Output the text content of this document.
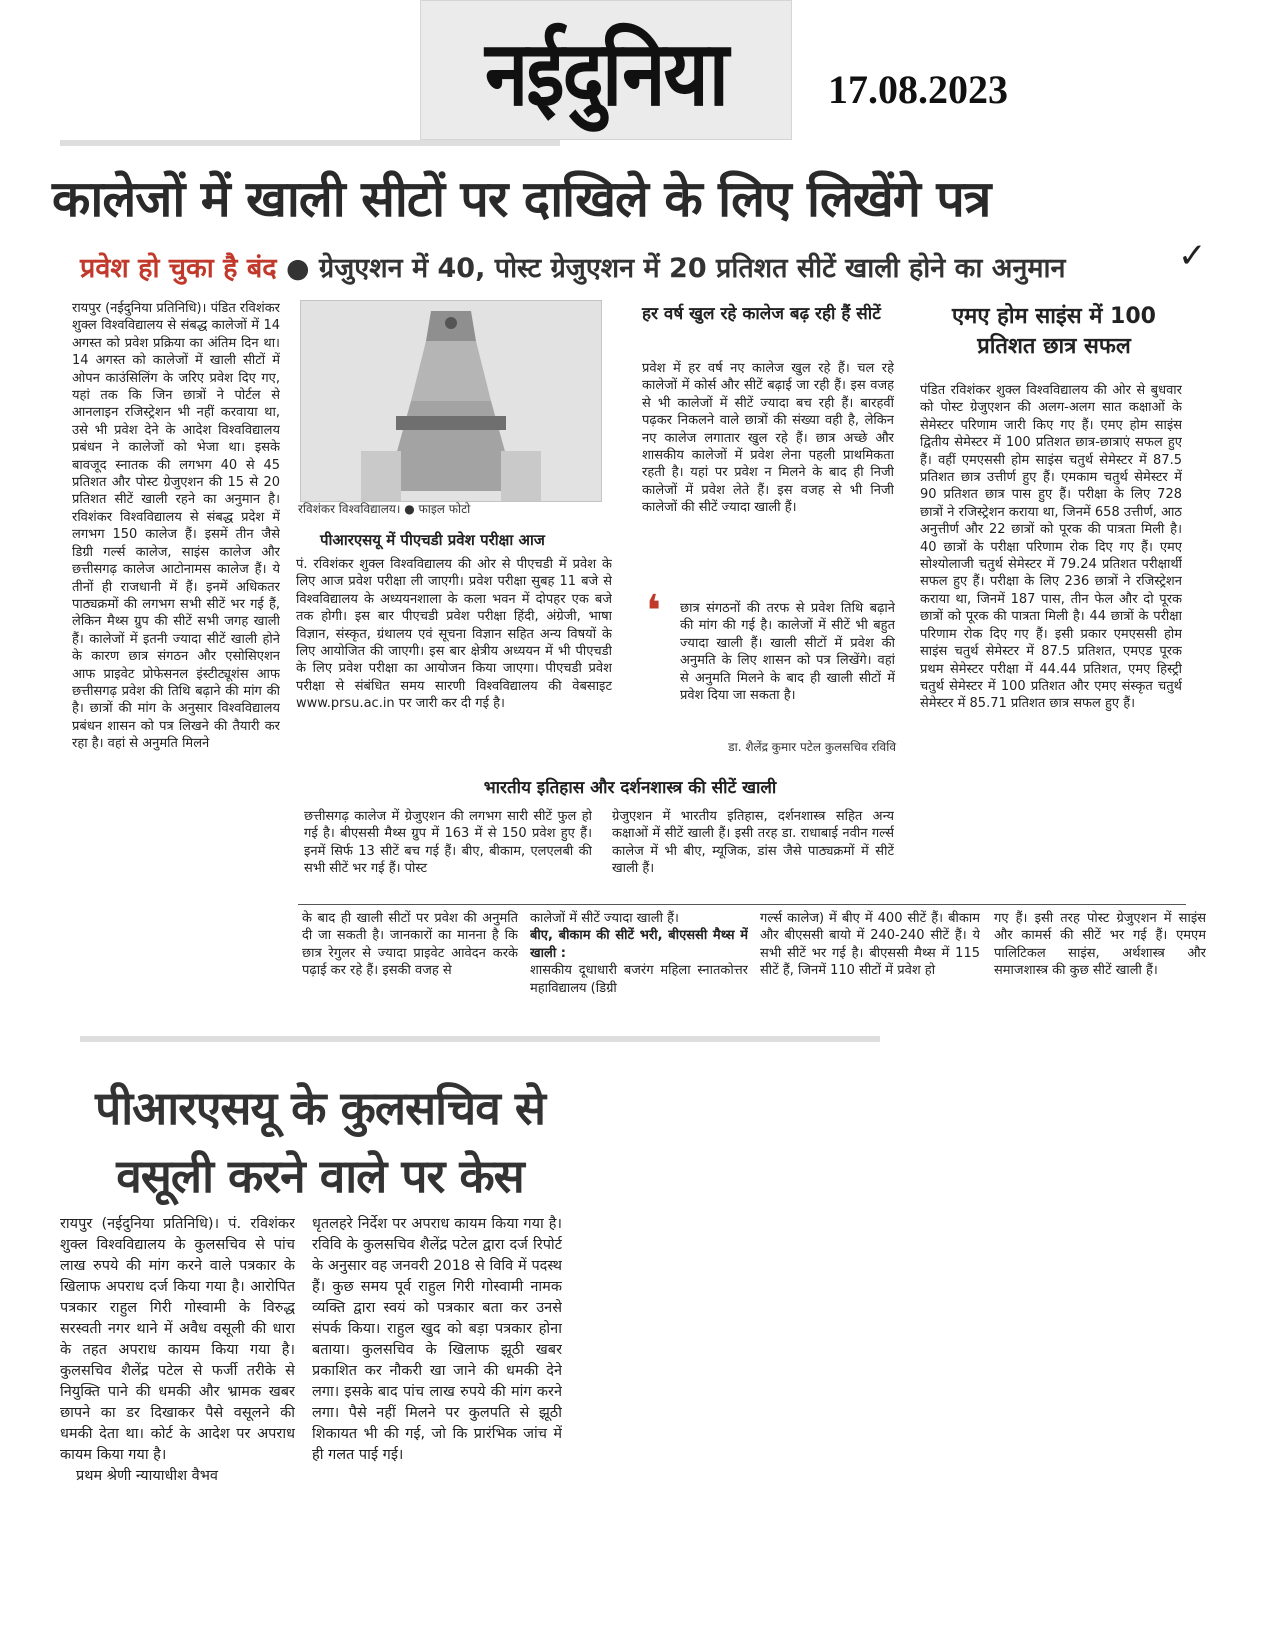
नईदुनिया	17.08.2023
कालेजों में खाली सीटों पर दाखिले के लिए लिखेंगे पत्र
प्रवेश हो चुका है बंद ● ग्रेजुएशन में 40, पोस्ट ग्रेजुएशन में 20 प्रतिशत सीटें खाली होने का अनुमान	✓

रायपुर (नईदुनिया प्रतिनिधि)। पंडित रविशंकर शुक्ल विश्वविद्यालय से संबद्ध कालेजों में 14 अगस्त को प्रवेश प्रक्रिया का अंतिम दिन था। 14 अगस्त को कालेजों में खाली सीटों में ओपन काउंसिलिंग के जरिए प्रवेश दिए गए, यहां तक कि जिन छात्रों ने पोर्टल से आनलाइन रजिस्ट्रेशन भी नहीं करवाया था, उसे भी प्रवेश देने के आदेश विश्वविद्यालय प्रबंधन ने कालेजों को भेजा था। इसके बावजूद स्नातक की लगभग 40 से 45 प्रतिशत और पोस्ट ग्रेजुएशन की 15 से 20 प्रतिशत सीटें खाली रहने का अनुमान है। रविशंकर विश्वविद्यालय से संबद्ध प्रदेश में लगभग 150 कालेज हैं। इसमें तीन जैसे डिग्री गर्ल्स कालेज, साइंस कालेज और छत्तीसगढ़ कालेज आटोनामस कालेज हैं। ये तीनों ही राजधानी में हैं। इनमें अधिकतर पाठ्यक्रमों की लगभग सभी सीटें भर गई हैं, लेकिन मैथ्स ग्रुप की सीटें सभी जगह खाली हैं। कालेजों में इतनी ज्यादा सीटें खाली होने के कारण छात्र संगठन और एसोसिएशन आफ प्राइवेट प्रोफेसनल इंस्टीट्यूशंस आफ छत्तीसगढ़ प्रवेश की तिथि बढ़ाने की मांग की है। छात्रों की मांग के अनुसार विश्वविद्यालय प्रबंधन शासन को पत्र लिखने की तैयारी कर रहा है। वहां से अनुमति मिलने

रविशंकर विश्वविद्यालय। ● फाइल फोटो
पीआरएसयू में पीएचडी प्रवेश परीक्षा आज

पं. रविशंकर शुक्ल विश्वविद्यालय की ओर से पीएचडी में प्रवेश के लिए आज प्रवेश परीक्षा ली जाएगी। प्रवेश परीक्षा सुबह 11 बजे से विश्वविद्यालय के अध्ययनशाला के कला भवन में दोपहर एक बजे तक होगी। इस बार पीएचडी प्रवेश परीक्षा हिंदी, अंग्रेजी, भाषा विज्ञान, संस्कृत, ग्रंथालय एवं सूचना विज्ञान सहित अन्य विषयों के लिए आयोजित की जाएगी। इस बार क्षेत्रीय अध्ययन में भी पीएचडी के लिए प्रवेश परीक्षा का आयोजन किया जाएगा। पीएचडी प्रवेश परीक्षा से संबंधित समय सारणी विश्वविद्यालय की वेबसाइट www.prsu.ac.in पर जारी कर दी गई है।

हर वर्ष खुल रहे कालेज बढ़ रही हैं सीटें

प्रवेश में हर वर्ष नए कालेज खुल रहे हैं। चल रहे कालेजों में कोर्स और सीटें बढ़ाई जा रही हैं। इस वजह से भी कालेजों में सीटें ज्यादा बच रही हैं। बारहवीं पढ़कर निकलने वाले छात्रों की संख्या वही है, लेकिन नए कालेज लगातार खुल रहे हैं। छात्र अच्छे और शासकीय कालेजों में प्रवेश लेना पहली प्राथमिकता रहती है। यहां पर प्रवेश न मिलने के बाद ही निजी कालेजों में प्रवेश लेते हैं। इस वजह से भी निजी कालेजों की सीटें ज्यादा खाली हैं।

❛ छात्र संगठनों की तरफ से प्रवेश तिथि बढ़ाने की मांग की गई है। कालेजों में सीटें भी बहुत ज्यादा खाली हैं। खाली सीटों में प्रवेश की अनुमति के लिए शासन को पत्र लिखेंगे। वहां से अनुमति मिलने के बाद ही खाली सीटों में प्रवेश दिया जा सकता है।

डा. शैलेंद्र कुमार पटेल कुलसचिव रविवि
एमए होम साइंस में 100 प्रतिशत छात्र सफल

पंडित रविशंकर शुक्ल विश्वविद्यालय की ओर से बुधवार को पोस्ट ग्रेजुएशन की अलग-अलग सात कक्षाओं के सेमेस्टर परिणाम जारी किए गए हैं। एमए होम साइंस द्वितीय सेमेस्टर में 100 प्रतिशत छात्र-छात्राएं सफल हुए हैं। वहीं एमएससी होम साइंस चतुर्थ सेमेस्टर में 87.5 प्रतिशत छात्र उत्तीर्ण हुए हैं। एमकाम चतुर्थ सेमेस्टर में 90 प्रतिशत छात्र पास हुए हैं। परीक्षा के लिए 728 छात्रों ने रजिस्ट्रेशन कराया था, जिनमें 658 उत्तीर्ण, आठ अनुत्तीर्ण और 22 छात्रों को पूरक की पात्रता मिली है। 40 छात्रों के परीक्षा परिणाम रोक दिए गए हैं। एमए सोश्योलाजी चतुर्थ सेमेस्टर में 79.24 प्रतिशत परीक्षार्थी सफल हुए हैं। परीक्षा के लिए 236 छात्रों ने रजिस्ट्रेशन कराया था, जिनमें 187 पास, तीन फेल और दो पूरक छात्रों को पूरक की पात्रता मिली है। 44 छात्रों के परीक्षा परिणाम रोक दिए गए हैं। इसी प्रकार एमएससी होम साइंस चतुर्थ सेमेस्टर में 87.5 प्रतिशत, एमएड पूरक प्रथम सेमेस्टर परीक्षा में 44.44 प्रतिशत, एमए हिस्ट्री चतुर्थ सेमेस्टर में 100 प्रतिशत और एमए संस्कृत चतुर्थ सेमेस्टर में 85.71 प्रतिशत छात्र सफल हुए हैं।

भारतीय इतिहास और दर्शनशास्त्र की सीटें खाली

छत्तीसगढ़ कालेज में ग्रेजुएशन की लगभग सारी सीटें फुल हो गई है। बीएससी मैथ्स ग्रुप में 163 में से 150 प्रवेश हुए हैं। इनमें सिर्फ 13 सीटें बच गई हैं। बीए, बीकाम, एलएलबी की सभी सीटें भर गई हैं। पोस्ट

ग्रेजुएशन में भारतीय इतिहास, दर्शनशास्त्र सहित अन्य कक्षाओं में सीटें खाली हैं। इसी तरह डा. राधाबाई नवीन गर्ल्स कालेज में भी बीए, म्यूजिक, डांस जैसे पाठ्यक्रमों में सीटें खाली हैं।

के बाद ही खाली सीटों पर प्रवेश की अनुमति दी जा सकती है। जानकारों का मानना है कि छात्र रेगुलर से ज्यादा प्राइवेट आवेदन करके पढ़ाई कर रहे हैं। इसकी वजह से

कालेजों में सीटें ज्यादा खाली हैं।

बीए, बीकाम की सीटें भरी, बीएससी मैथ्स में खाली :

शासकीय दूधाधारी बजरंग महिला स्नातकोत्तर महाविद्यालय (डिग्री

गर्ल्स कालेज) में बीए में 400 सीटें हैं। बीकाम और बीएससी बायो में 240-240 सीटें हैं। ये सभी सीटें भर गई है। बीएससी मैथ्स में 115 सीटें हैं, जिनमें 110 सीटों में प्रवेश हो

गए हैं। इसी तरह पोस्ट ग्रेजुएशन में साइंस और कामर्स की सीटें भर गई हैं। एमएम पालिटिकल साइंस, अर्थशास्त्र और समाजशास्त्र की कुछ सीटें खाली हैं।

पीआरएसयू के कुलसचिव से
वसूली करने वाले पर केस

रायपुर (नईदुनिया प्रतिनिधि)। पं. रविशंकर शुक्ल विश्वविद्यालय के कुलसचिव से पांच लाख रुपये की मांग करने वाले पत्रकार के खिलाफ अपराध दर्ज किया गया है। आरोपित पत्रकार राहुल गिरी गोस्वामी के विरुद्ध सरस्वती नगर थाने में अवैध वसूली की धारा के तहत अपराध कायम किया गया है। कुलसचिव शैलेंद्र पटेल से फर्जी तरीके से नियुक्ति पाने की धमकी और भ्रामक खबर छापने का डर दिखाकर पैसे वसूलने की धमकी देता था। कोर्ट के आदेश पर अपराध कायम किया गया है।

प्रथम श्रेणी न्यायाधीश वैभव

धृतलहरे निर्देश पर अपराध कायम किया गया है। रविवि के कुलसचिव शैलेंद्र पटेल द्वारा दर्ज रिपोर्ट के अनुसार वह जनवरी 2018 से विवि में पदस्थ हैं। कुछ समय पूर्व राहुल गिरी गोस्वामी नामक व्यक्ति द्वारा स्वयं को पत्रकार बता कर उनसे संपर्क किया। राहुल खुद को बड़ा पत्रकार होना बताया। कुलसचिव के खिलाफ झूठी खबर प्रकाशित कर नौकरी खा जाने की धमकी देने लगा। इसके बाद पांच लाख रुपये की मांग करने लगा। पैसे नहीं मिलने पर कुलपति से झूठी शिकायत भी की गई, जो कि प्रारंभिक जांच में ही गलत पाई गई।
